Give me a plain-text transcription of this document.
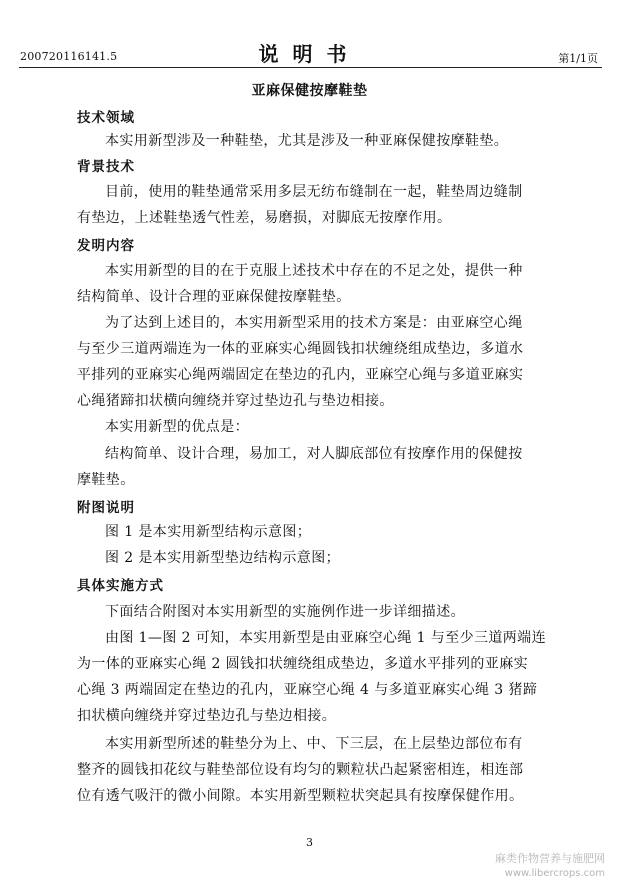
200720116141.5	说明书	第1/1页
亚麻保健按摩鞋垫
技术领域
本实用新型涉及一种鞋垫，尤其是涉及一种亚麻保健按摩鞋垫。
背景技术
目前，使用的鞋垫通常采用多层无纺布缝制在一起，鞋垫周边缝制
有垫边，上述鞋垫透气性差，易磨损，对脚底无按摩作用。
发明内容
本实用新型的目的在于克服上述技术中存在的不足之处，提供一种
结构简单、设计合理的亚麻保健按摩鞋垫。
为了达到上述目的，本实用新型采用的技术方案是：由亚麻空心绳
与至少三道两端连为一体的亚麻实心绳圆钱扣状缠绕组成垫边，多道水
平排列的亚麻实心绳两端固定在垫边的孔内，亚麻空心绳与多道亚麻实
心绳猪蹄扣状横向缠绕并穿过垫边孔与垫边相接。
本实用新型的优点是：
结构简单、设计合理，易加工，对人脚底部位有按摩作用的保健按
摩鞋垫。
附图说明
图 1 是本实用新型结构示意图；
图 2 是本实用新型垫边结构示意图；
具体实施方式
下面结合附图对本实用新型的实施例作进一步详细描述。
由图 1—图 2 可知，本实用新型是由亚麻空心绳 1 与至少三道两端连
为一体的亚麻实心绳 2 圆钱扣状缠绕组成垫边，多道水平排列的亚麻实
心绳 3 两端固定在垫边的孔内，亚麻空心绳 4 与多道亚麻实心绳 3 猪蹄
扣状横向缠绕并穿过垫边孔与垫边相接。
本实用新型所述的鞋垫分为上、中、下三层，在上层垫边部位布有
整齐的圆钱扣花纹与鞋垫部位设有均匀的颗粒状凸起紧密相连，相连部
位有透气吸汗的微小间隙。本实用新型颗粒状突起具有按摩保健作用。
3
麻类作物营养与施肥网
www.libercrops.com
